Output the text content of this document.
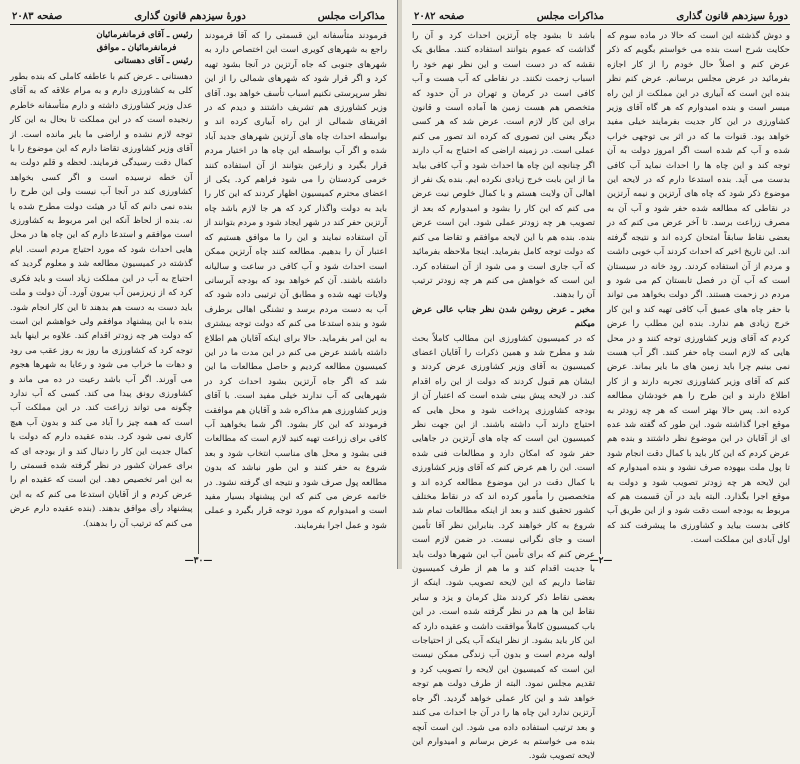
مذاکرات مجلس
دورهٔ سیزدهم قانون گذاری
صفحه ۲۰۸۳

فرمودند متأسفانه این قسمتی را که آقا فرمودند راجع به شهرهای کویری است این اختصاص دارد به شهرهای جنوبی که جاه آرتزین در آنجا بشود تهیه کرد و اگر قرار شود که شهرهای شمالی را از این نظر سرپرستی نکنیم اسباب تأسف خواهد بود. آقای وزیر کشاورزی هم تشریف داشتند و دیدم که در افریقای شمالی از این راه آبیاری کرده اند و بواسطه احداث چاه های آرتزین شهرهای جدید آباد شده و اگر آب بواسطه این چاه ها در اختیار مردم قرار بگیرد و زارعین بتوانند از آن استفاده کنند خرمی کردستان را می شود فراهم کرد. یکی از اعضای محترم کمیسیون اظهار کردند که این کار را باید به دولت واگذار کرد که هر جا لازم باشد چاه آرتزین حفر کند در شهر ایجاد شود و مردم بتوانند از آن استفاده نمایند و این را ما موافق هستیم که اعتبار آن را بدهیم. مطالعه کنند چاه آرتزین ممکن است احداث شود و آب کافی در ساعت و سالیانه داشته باشند. آن کم خواهد بود که بودجه آبرسانی ولایات تهیه شده و مطابق آن ترتیبی داده شود که آب به دست مردم برسد و تشنگی اهالی برطرف شود و بنده استدعا می کنم که دولت توجه بیشتری به این امر بفرماید. حالا برای اینکه آقایان هم اطلاع داشته باشند عرض می کنم در این مدت ما در این کمیسیون مطالعه کردیم و حاصل مطالعات ما این شد که اگر جاه آرتزین بشود احداث کرد در شهرهایی که آب ندارند خیلی مفید است. با آقای وزیر کشاورزی هم مذاکره شد و آقایان هم موافقت فرمودند که این کار بشود. اگر شما بخواهید آب کافی برای زراعت تهیه کنید لازم است که مطالعات فنی بشود و محل های مناسب انتخاب شود و بعد شروع به حفر کنند و این طور نباشد که بدون مطالعه پول صرف شود و نتیجه ای گرفته نشود. در خاتمه عرض می کنم که این پیشنهاد بسیار مفید است و امیدوارم که مورد توجه قرار بگیرد و عملی شود و عمل اجرا بفرمایند.

رئیس ـ آقای فرمانفرمائیان
فرمانفرمائیان ـ موافق
رئیس ـ آقای دهستانی

دهستانی ـ عرض کنم با عاطفه کاملی که بنده بطور کلی به کشاورزی دارم و به مرام علاقه که به آقای عدل وزیر کشاورزی داشته و دارم متأسفانه خاطرم رنجیده است که در این مملکت تا بحال به این کار توجه لازم نشده و اراضی ما بایر مانده است. از آقای وزیر کشاورزی تقاضا دارم که این موضوع را با کمال دقت رسیدگی فرمایند. لحظه و قلم دولت به آن خطه نرسیده است و اگر کسی بخواهد کشاورزی کند در آنجا آب نیست ولی این طرح را بنده نمی دانم که آیا در هیئت دولت مطرح شده یا نه. بنده از لحاظ آنکه این امر مربوط به کشاورزی است موافقم و استدعا دارم که این چاه ها در محل هایی احداث شود که مورد احتیاج مردم است. ایام گذشته در کمیسیون مطالعه شد و معلوم گردید که احتیاج به آب در این مملکت زیاد است و باید فکری کرد که از زیرزمین آب بیرون آورد. آن دولت و ملت باید دست به دست هم بدهند تا این کار انجام شود. بنده با این پیشنهاد موافقم ولی خواهشم این است که دولت هر چه زودتر اقدام کند. علاوه بر اینها باید توجه کرد که کشاورزی ما روز به روز عقب می رود و دهات ما خراب می شود و رعایا به شهرها هجوم می آورند. اگر آب باشد رعیت در ده می ماند و کشاورزی رونق پیدا می کند. کسی که آب ندارد چگونه می تواند زراعت کند. در این مملکت آب است که همه چیز را آباد می کند و بدون آب هیچ کاری نمی شود کرد. بنده عقیده دارم که دولت با کمال جدیت این کار را دنبال کند و از بودجه ای که برای عمران کشور در نظر گرفته شده قسمتی را به این امر تخصیص دهد. این است که عقیده ام را عرض کردم و از آقایان استدعا می کنم که به این پیشنهاد رأی موافق بدهند. (بنده عقیده دارم عرض می کنم که ترتیب آن را بدهند).

—۳۰—
دورهٔ سیزدهم قانون گذاری
مذاکرات مجلس
صفحه ۲۰۸۲

و دوش گذشته این است که حالا در ماده سوم که حکایت شرح است بنده می خواستم بگویم که ذکر عرض کنم و اصلاً حال خودم را از کار اجازه بفرمائید در عرض مجلس برسانم. عرض کنم نظر بنده این است که آبیاری در این مملکت از این راه میسر است و بنده امیدوارم که هر گاه آقای وزیر کشاورزی در این کار جدیت بفرمایند خیلی مفید خواهد بود. قنوات ما که در اثر بی توجهی خراب شده و آب کم شده است اگر امروز دولت به آن توجه کند و این چاه ها را احداث نماید آب کافی بدست می آید. بنده استدعا دارم که در لایحه این موضوع ذکر شود که چاه های آرتزین و نیمه آرتزین در نقاطی که مطالعه شده حفر شود و آب آن به مصرف زراعت برسد. تا آخر عرض می کنم که در بعضی نقاط سابقاً امتحان کرده اند و نتیجه گرفته اند. این تاریخ اخیر که احداث کردند آب خوبی داشت و مردم از آن استفاده کردند. رود خانه در سیستان است که آب آن در فصل تابستان کم می شود و مردم در زحمت هستند. اگر دولت بخواهد می تواند با حفر چاه های عمیق آب کافی تهیه کند و این کار خرج زیادی هم ندارد. بنده این مطلب را عرض کردم که آقای وزیر کشاورزی توجه کنند و در محل هایی که لازم است چاه حفر کنند. اگر آب هست نمی بینیم چرا باید زمین های ما بایر بماند. عرض کنم که آقای وزیر کشاورزی تجربه دارند و از کار اطلاع دارند و این طرح را هم خودشان مطالعه کرده اند. پس حالا بهتر است که هر چه زودتر به موقع اجرا گذاشته شود. این طور که گفته شد عده ای از آقایان در این موضوع نظر داشتند و بنده هم عرض کردم که این کار باید با کمال دقت انجام شود تا پول ملت بیهوده صرف نشود و بنده امیدوارم که این لایحه هر چه زودتر تصویب شود و دولت به موقع اجرا بگذارد. البته باید در آن قسمت هم که مربوط به بودجه است دقت شود و از این طریق آب کافی بدست بیاید و کشاورزی ما پیشرفت کند که اول آبادی این مملکت است.

باشد تا بشود چاه آرتزین احداث کرد و آن را گذاشت که عموم بتوانند استفاده کنند. مطابق یک نقشه که در دست است و این نظر نهم خود را اسباب زحمت نکنند. در نقاطی که آب هست و آب کافی است در کرمان و تهران در آن حدود که متخصص هم هست زمین ها آماده است و قانون برای این کار لازم است. عرض شد که هر کسی دیگر یعنی این تصوری که کرده اند تصور می کنم عملی است. در زمینه اراضی که احتیاج به آب دارند اگر چنانچه این چاه ها احداث شود و آب کافی بیاید ما از این بابت خرج زیادی نکرده ایم. بنده یک نفر از اهالی آن ولایت هستم و با کمال خلوص نیت عرض می کنم که این کار را بشود و امیدوارم که بعد از تصویب هر چه زودتر عملی شود. این است عرض بنده. بنده هم با این لایحه موافقم و تقاضا می کنم که دولت توجه کامل بفرماید. اینجا ملاحظه بفرمائید که آب جاری است و می شود از آن استفاده کرد. این است که خواهش می کنم هر چه زودتر ترتیب آن را بدهند.

مخبر ـ عرض روشن شدن نظر جناب عالی عرض میکنم

که در کمیسیون کشاورزی این مطالب کاملاً بحث شد و مطرح شد و همین ذکرات را آقایان اعضای کمیسیون به آقای وزیر کشاورزی عرض کردند و ایشان هم قبول کردند که دولت از این راه اقدام کند. در لایحه پیش بینی شده است که اعتبار آن از بودجه کشاورزی پرداخت شود و محل هایی که احتیاج دارند آب داشته باشند. از این جهت نظر کمیسیون این است که چاه های آرتزین در جاهایی حفر شود که امکان دارد و مطالعات فنی شده است. این را هم عرض کنم که آقای وزیر کشاورزی با کمال دقت در این موضوع مطالعه کرده اند و متخصصین را مأمور کرده اند که در نقاط مختلف کشور تحقیق کنند و بعد از اینکه مطالعات تمام شد شروع به کار خواهند کرد. بنابراین نظر آقا تأمین است و جای نگرانی نیست. در ضمن لازم است عرض کنم که برای تأمین آب این شهرها دولت باید با جدیت اقدام کند و ما هم از طرف کمیسیون تقاضا داریم که این لایحه تصویب شود. اینکه از بعضی نقاط ذکر کردند مثل کرمان و یزد و سایر نقاط این ها هم در نظر گرفته شده است. در این باب کمیسیون کاملاً موافقت داشت و عقیده دارد که این کار باید بشود. از نظر اینکه آب یکی از احتیاجات اولیه مردم است و بدون آب زندگی ممکن نیست این است که کمیسیون این لایحه را تصویب کرد و تقدیم مجلس نمود. البته از طرف دولت هم توجه خواهد شد و این کار عملی خواهد گردید. اگر جاه آرتزین ندارد این چاه ها را در آن جا احداث می کنند و بعد ترتیب استفاده داده می شود. این است آنچه بنده می خواستم به عرض برسانم و امیدوارم این لایحه تصویب شود.

—۲—
